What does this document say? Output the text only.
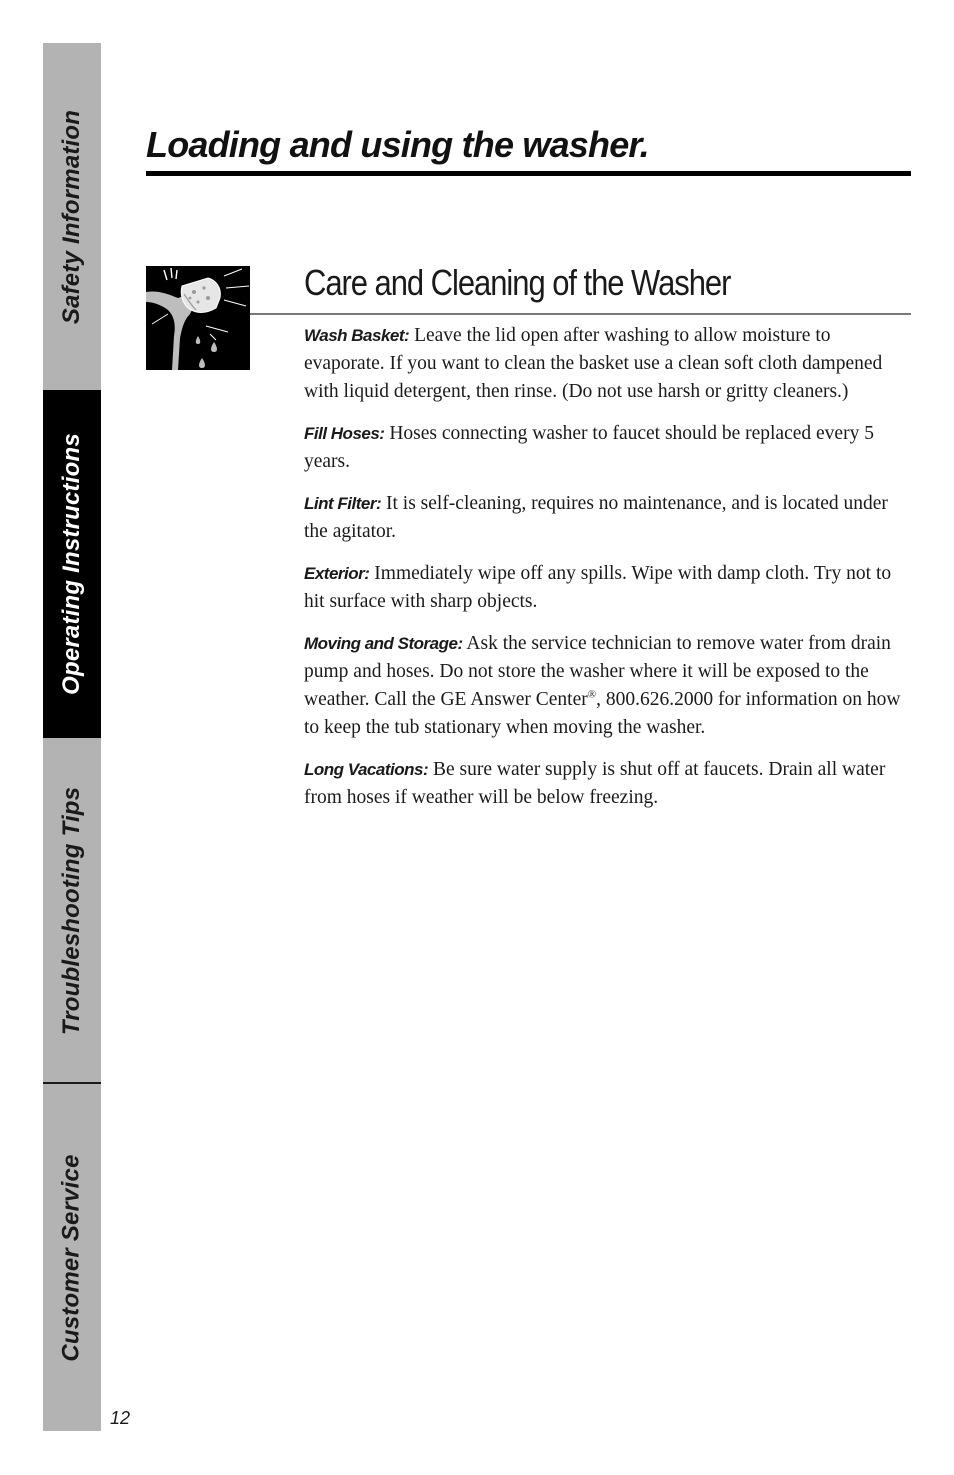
Safety Information
Operating Instructions
Troubleshooting Tips
Customer Service
12
Loading and using the washer.
Care and Cleaning of the Washer

Wash Basket: Leave the lid open after washing to allow moisture to evaporate. If you want to clean the basket use a clean soft cloth dampened with liquid detergent, then rinse. (Do not use harsh or gritty cleaners.)

Fill Hoses: Hoses connecting washer to faucet should be replaced every 5 years.

Lint Filter: It is self-cleaning, requires no maintenance, and is located under the agitator.

Exterior: Immediately wipe off any spills. Wipe with damp cloth. Try not to hit surface with sharp objects.

Moving and Storage: Ask the service technician to remove water from drain pump and hoses. Do not store the washer where it will be exposed to the weather. Call the GE Answer Center®, 800.626.2000 for information on how to keep the tub stationary when moving the washer.

Long Vacations: Be sure water supply is shut off at faucets. Drain all water from hoses if weather will be below freezing.
